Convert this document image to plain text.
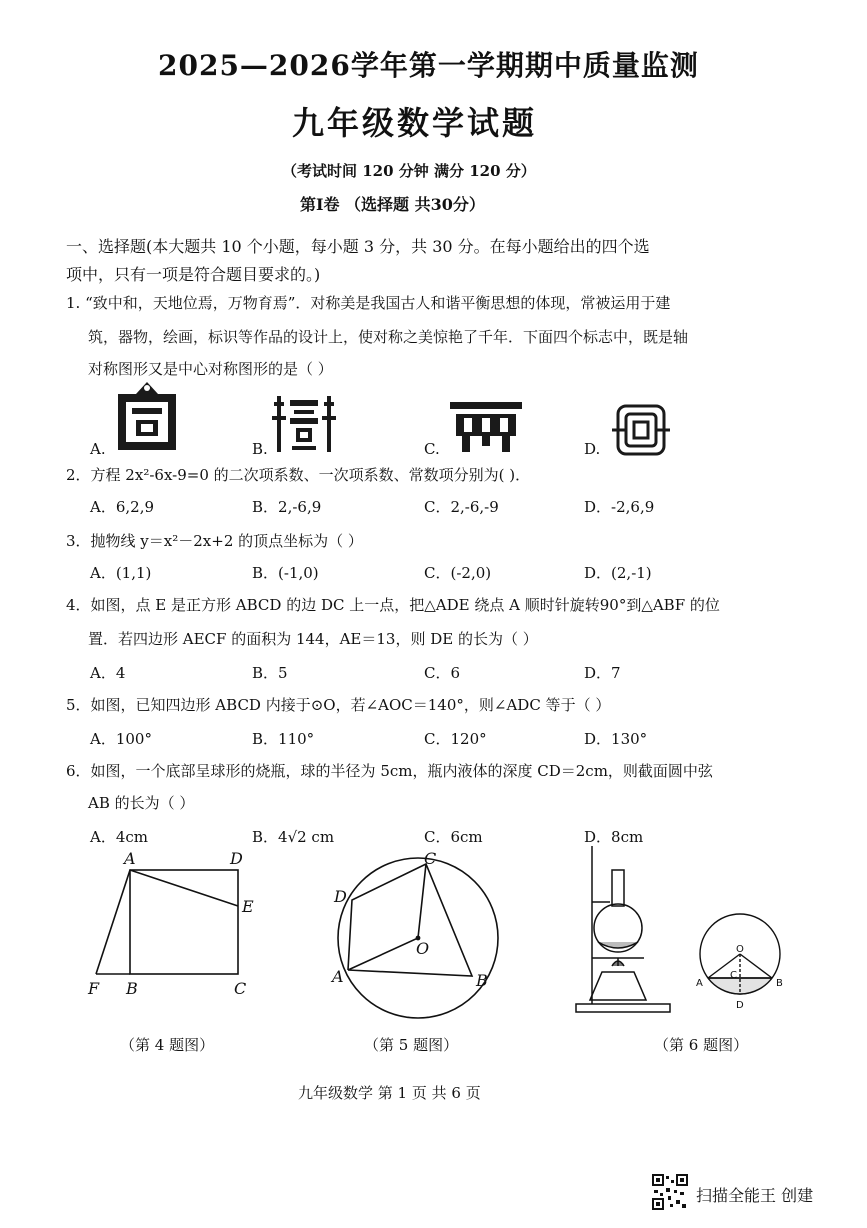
2025—2026学年第一学期期中质量监测
九年级数学试题
（考试时间 120 分钟 满分 120 分）
第Ⅰ卷 （选择题 共30分）
一、选择题(本大题共 10 个小题，每小题 3 分，共 30 分。在每小题给出的四个选
项中，只有一项是符合题目要求的。)
1. “致中和，天地位焉，万物育焉”．对称美是我国古人和谐平衡思想的体现，常被运用于建
筑，器物，绘画，标识等作品的设计上，使对称之美惊艳了千年．下面四个标志中，既是轴
对称图形又是中心对称图形的是（ ）
A.	B.	C.	D.
2．方程 2x²-6x-9=0 的二次项系数、一次项系数、常数项分别为( )．
A．6,2,9	B．2,-6,9	C．2,-6,-9	D．-2,6,9
3．抛物线 y＝x²－2x+2 的顶点坐标为（ ）
A．(1,1)	B．(-1,0)	C．(-2,0)	D．(2,-1)
4．如图，点 E 是正方形 ABCD 的边 DC 上一点，把△ADE 绕点 A 顺时针旋转90°到△ABF 的位
置．若四边形 AECF 的面积为 144，AE＝13，则 DE 的长为（ ）
A．4	B．5	C．6	D．7
5．如图，已知四边形 ABCD 内接于⊙O，若∠AOC＝140°，则∠ADC 等于（ ）
A．100°	B．110°	C．120°	D．130°
6．如图，一个底部呈球形的烧瓶，球的半径为 5cm，瓶内液体的深度 CD＝2cm，则截面圆中弦
AB 的长为（ ）
A．4cm	B．4√2 cm	C．6cm	D．8cm
A	D
E
F B	C
（第 4 题图）
C
D
O
A	B
（第 5 题图）
O
A	B
C
D
（第 6 题图）
九年级数学 第 1 页 共 6 页
扫描全能王 创建
